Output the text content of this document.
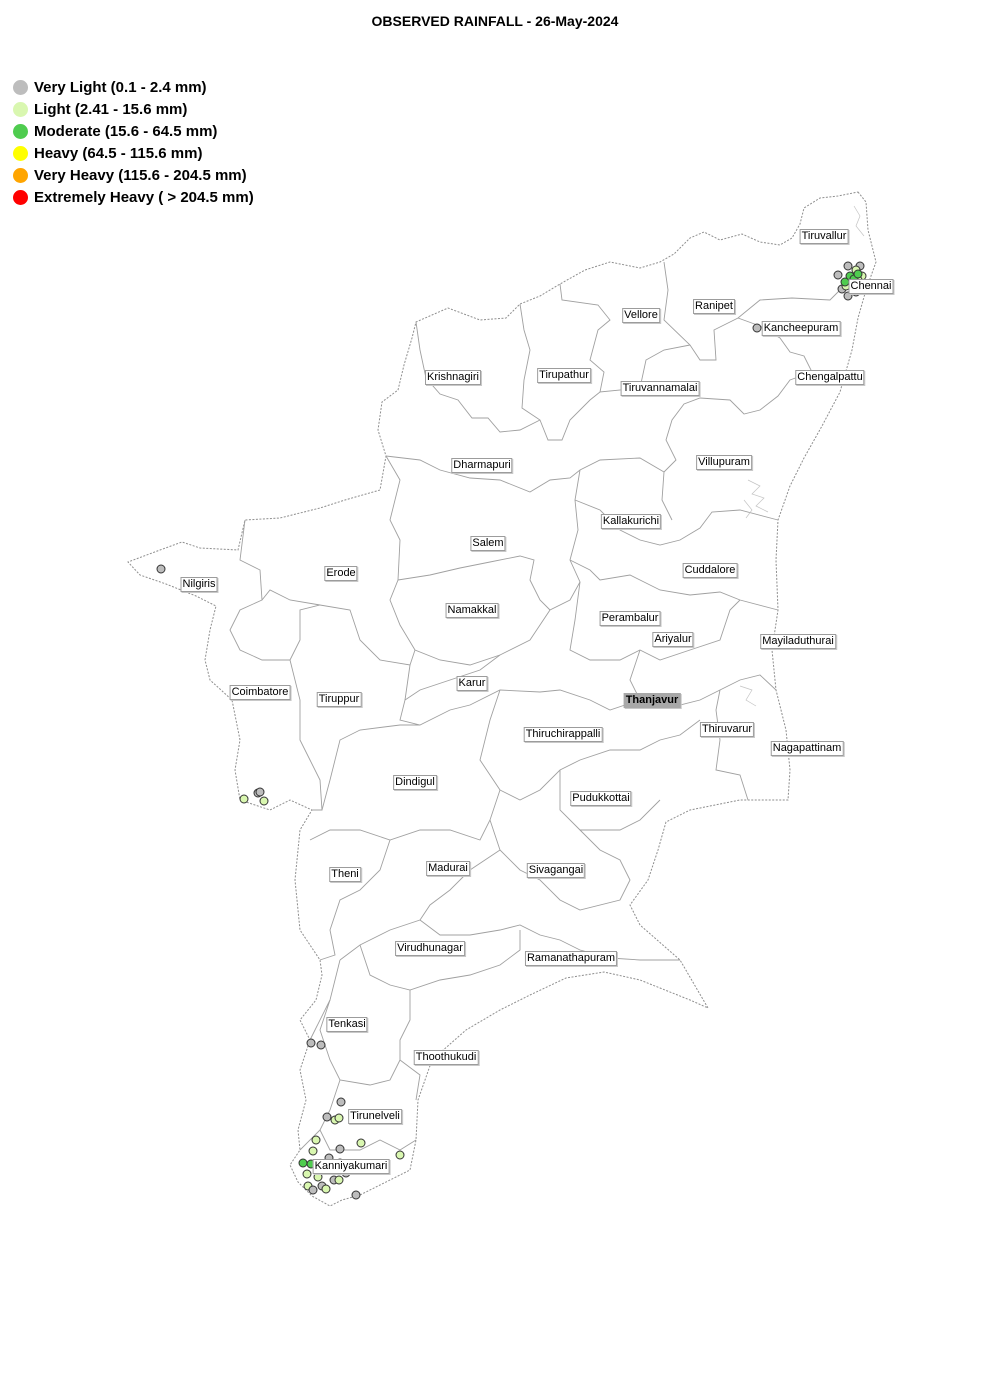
OBSERVED RAINFALL - 26-May-2024
Very Light (0.1 - 2.4 mm)
Light (2.41 - 15.6 mm)
Moderate (15.6 - 64.5 mm)
Heavy (64.5 - 115.6 mm)
Very Heavy (115.6 - 204.5 mm)
Extremely Heavy ( > 204.5 mm)
Tiruvallur
Chennai
Ranipet
Vellore
Kancheepuram
Krishnagiri	Tirupathur
Tiruvannamalai
Chengalpattu
Dharmapuri	Villupuram
Kallakurichi
Salem
Erode
Nilgiris
Cuddalore
Namakkal
Perambalur
Ariyalur	Mayiladuthurai
Coimbatore
Karur
Tiruppur	Thanjavur
Thiruvarur
Thiruchirappalli
Nagapattinam
Dindigul
Pudukkottai
Theni	Madurai	Sivagangai
Virudhunagar
Ramanathapuram
Tenkasi
Thoothukudi
Tirunelveli
Kanniyakumari
